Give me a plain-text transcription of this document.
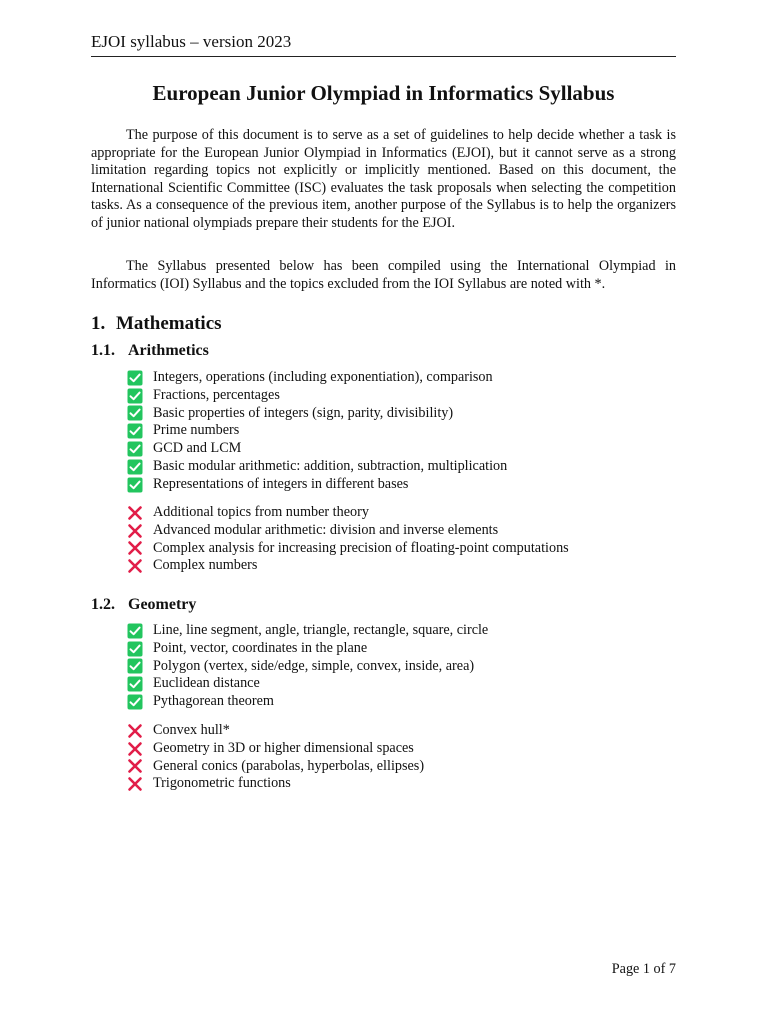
EJOI syllabus – version 2023
European Junior Olympiad in Informatics Syllabus

The purpose of this document is to serve as a set of guidelines to help decide whether a task is appropriate for the European Junior Olympiad in Informatics (EJOI), but it cannot serve as a strong limitation regarding topics not explicitly or implicitly mentioned. Based on this document, the International Scientific Committee (ISC) evaluates the task proposals when selecting the competition tasks. As a consequence of the previous item, another purpose of the Syllabus is to help the organizers of junior national olympiads prepare their students for the EJOI.

The Syllabus presented below has been compiled using the International Olympiad in Informatics (IOI) Syllabus and the topics excluded from the IOI Syllabus are noted with *.

1. Mathematics
1.1. Arithmetics
Integers, operations (including exponentiation), comparison
Fractions, percentages
Basic properties of integers (sign, parity, divisibility)
Prime numbers
GCD and LCM
Basic modular arithmetic: addition, subtraction, multiplication
Representations of integers in different bases
Additional topics from number theory
Advanced modular arithmetic: division and inverse elements
Complex analysis for increasing precision of floating-point computations
Complex numbers
1.2. Geometry
Line, line segment, angle, triangle, rectangle, square, circle
Point, vector, coordinates in the plane
Polygon (vertex, side/edge, simple, convex, inside, area)
Euclidean distance
Pythagorean theorem
Convex hull*
Geometry in 3D or higher dimensional spaces
General conics (parabolas, hyperbolas, ellipses)
Trigonometric functions
Page 1 of 7
